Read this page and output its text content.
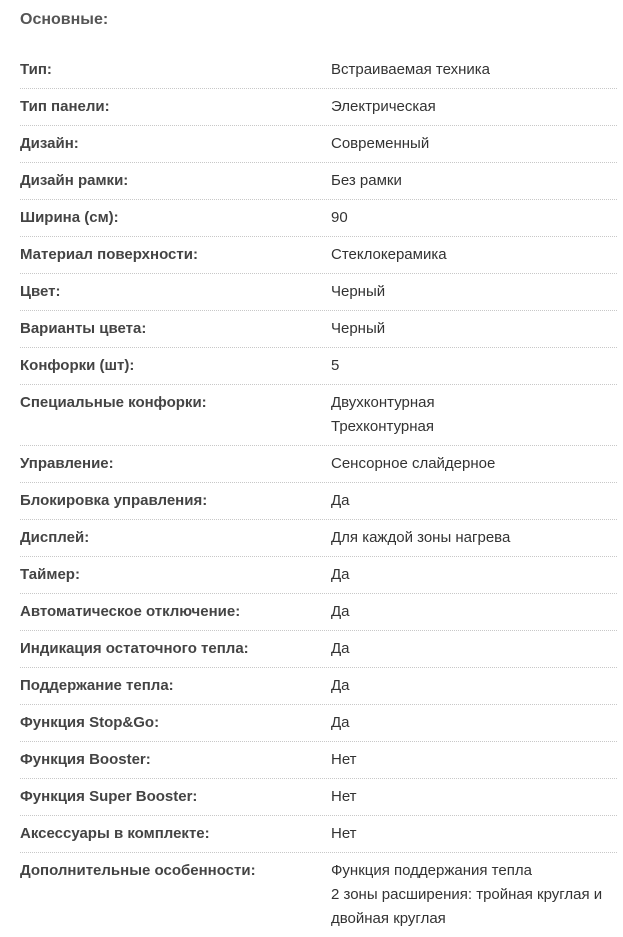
Основные:
Тип:	Встраиваемая техника
Тип панели:	Электрическая
Дизайн:	Современный
Дизайн рамки:	Без рамки
Ширина (см):	90
Материал поверхности:	Стеклокерамика
Цвет:	Черный
Варианты цвета:	Черный
Конфорки (шт):	5
Специальные конфорки:	Двухконтурная
Трехконтурная
Управление:	Сенсорное слайдерное
Блокировка управления:	Да
Дисплей:	Для каждой зоны нагрева
Таймер:	Да
Автоматическое отключение:	Да
Индикация остаточного тепла:	Да
Поддержание тепла:	Да
Функция Stop&Go:	Да
Функция Booster:	Нет
Функция Super Booster:	Нет
Аксессуары в комплекте:	Нет
Дополнительные особенности:	Функция поддержания тепла
2 зоны расширения: тройная круглая и двойная круглая
